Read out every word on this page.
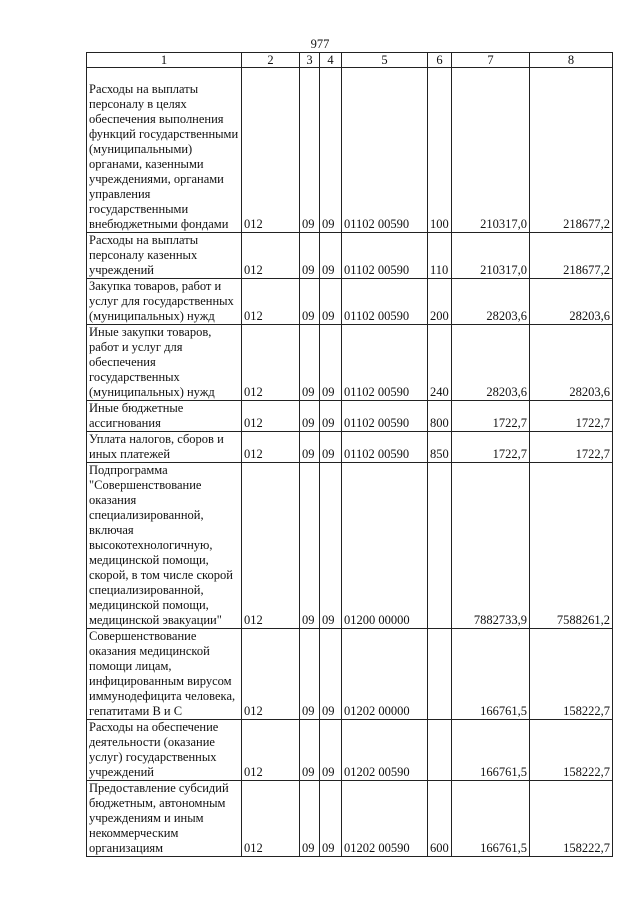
977
1	2	3	4	5	6	7	8
Расходы на выплаты персоналу в целях обеспечения выполнения функций государственными (муниципальными) органами, казенными учреждениями, органами управления государственными внебюджетными фондами	012	09	09	01102 00590	100	210317,0	218677,2
Расходы на выплаты персоналу казенных учреждений	012	09	09	01102 00590	110	210317,0	218677,2
Закупка товаров, работ и услуг для государственных (муниципальных) нужд	012	09	09	01102 00590	200	28203,6	28203,6
Иные закупки товаров, работ и услуг для обеспечения государственных (муниципальных) нужд	012	09	09	01102 00590	240	28203,6	28203,6
Иные бюджетные ассигнования	012	09	09	01102 00590	800	1722,7	1722,7
Уплата налогов, сборов и иных платежей	012	09	09	01102 00590	850	1722,7	1722,7
Подпрограмма "Совершенствование оказания специализированной, включая высокотехнологичную, медицинской помощи, скорой, в том числе скорой специализированной, медицинской помощи, медицинской эвакуации"	012	09	09	01200 00000		7882733,9	7588261,2
Совершенствование оказания медицинской помощи лицам, инфицированным вирусом иммунодефицита человека, гепатитами В и С	012	09	09	01202 00000		166761,5	158222,7
Расходы на обеспечение деятельности (оказание услуг) государственных учреждений	012	09	09	01202 00590		166761,5	158222,7
Предоставление субсидий бюджетным, автономным учреждениям и иным некоммерческим организациям	012	09	09	01202 00590	600	166761,5	158222,7
